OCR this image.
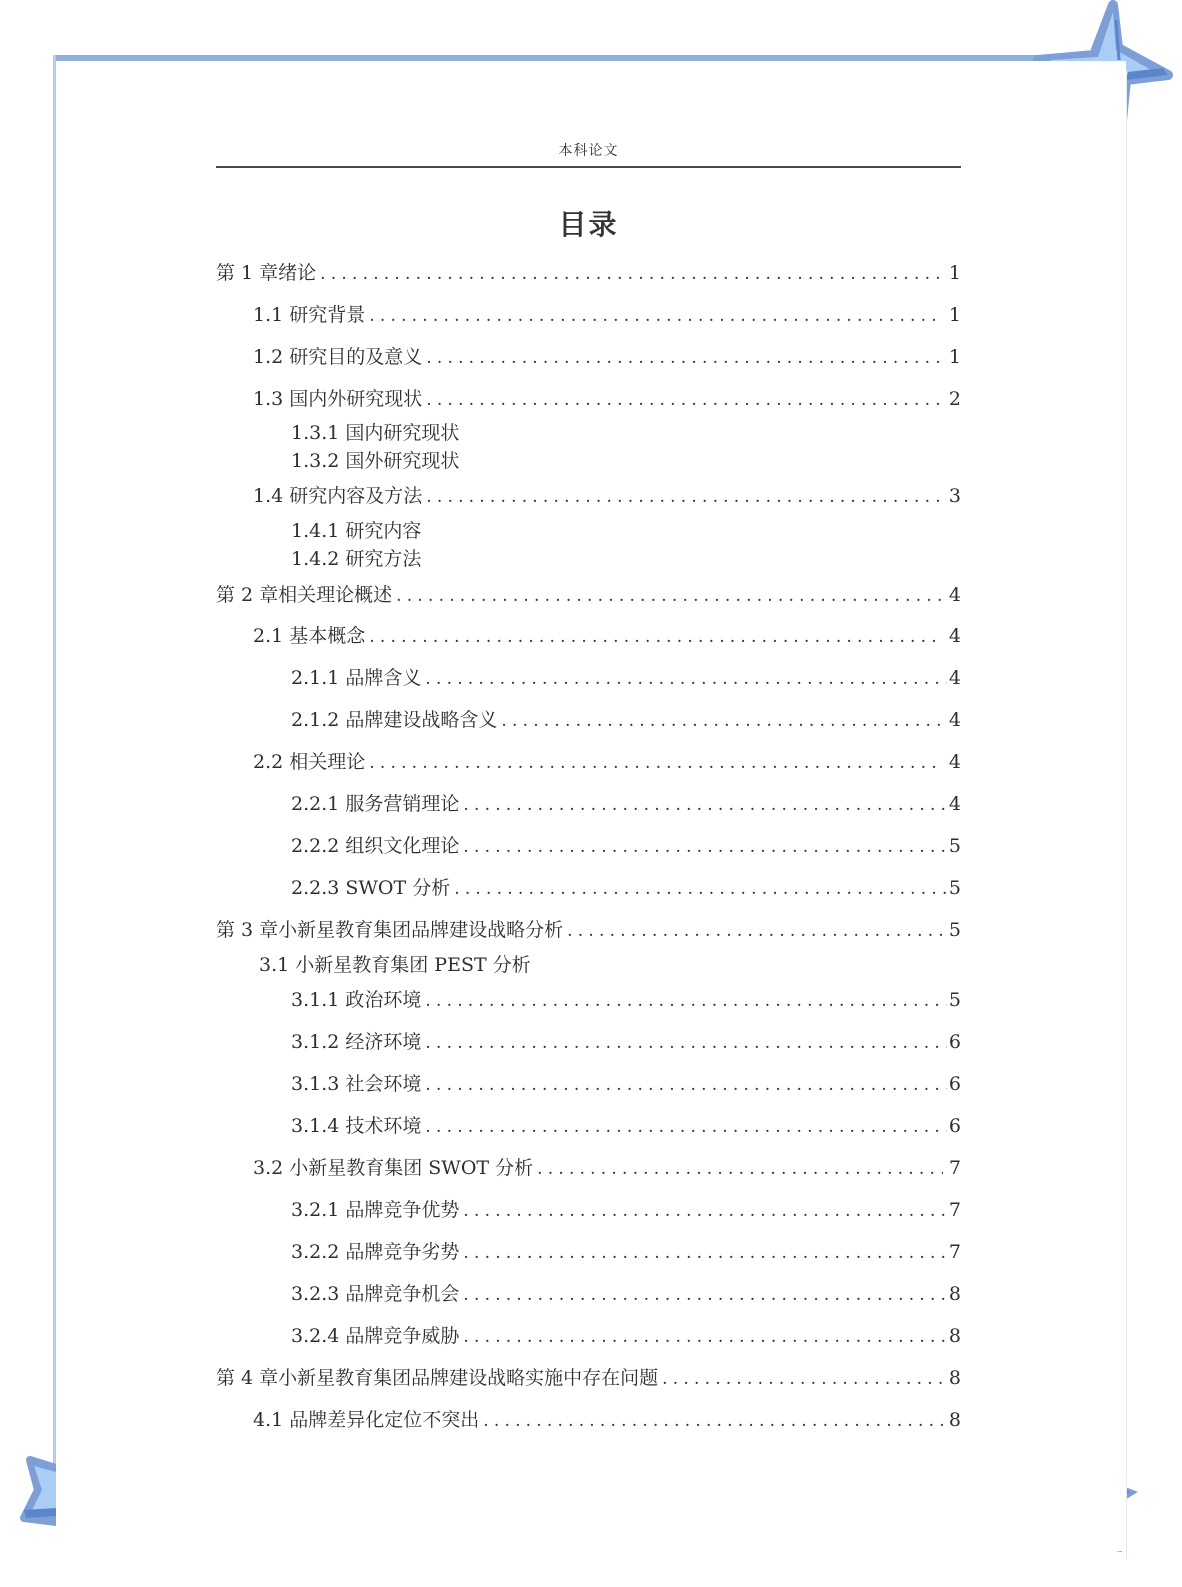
本科论文
目录
第 1 章绪论 .....	1
1.1 研究背景 .....	1
1.2 研究目的及意义 .....	1
1.3 国内外研究现状 .....	2
1.3.1 国内研究现状
1.3.2 国外研究现状
1.4 研究内容及方法 .....	3
1.4.1 研究内容
1.4.2 研究方法
第 2 章相关理论概述 .....	4
2.1 基本概念 .....	4
2.1.1 品牌含义 .....	4
2.1.2 品牌建设战略含义 .....	4
2.2 相关理论 .....	4
2.2.1 服务营销理论 .....	4
2.2.2 组织文化理论 .....	5
2.2.3 SWOT 分析 .....	5
第 3 章小新星教育集团品牌建设战略分析 .....	5
3.1 小新星教育集团 PEST 分析
3.1.1 政治环境 .....	5
3.1.2 经济环境 .....	6
3.1.3 社会环境 .....	6
3.1.4 技术环境 .....	6
3.2 小新星教育集团 SWOT 分析 .....	7
3.2.1 品牌竞争优势 .....	7
3.2.2 品牌竞争劣势 .....	7
3.2.3 品牌竞争机会 .....	8
3.2.4 品牌竞争威胁 .....	8
第 4 章小新星教育集团品牌建设战略实施中存在问题 .....	8
4.1 品牌差异化定位不突出 .....	8
